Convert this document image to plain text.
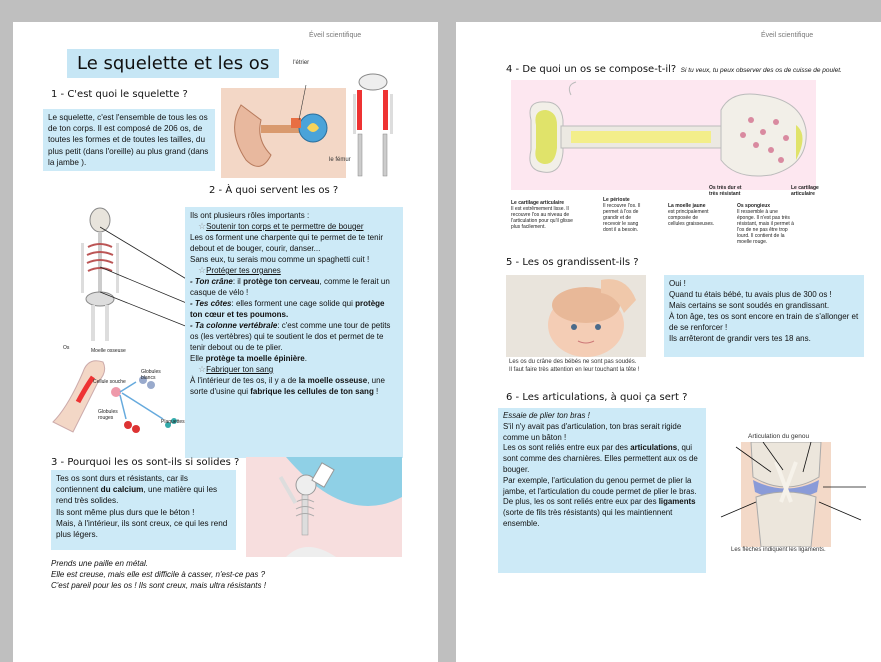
Éveil scientifique
Le squelette et les os
1 - C'est quoi le squelette ?
Le squelette, c'est l'ensemble de tous les os de ton corps. Il est composé de 206 os, de toutes les formes et de toutes les tailles, du plus petit (dans l'oreille) au plus grand (dans la jambe ).
l'étrier
le fémur
2 - À quoi servent les os ?
Os	Moelle osseuse
Cellule souche
Globules blancs
Globules rouges
Plaquettes

Ils ont plusieurs rôles importants :

☆Soutenir ton corps et te permettre de bouger

Les os forment une charpente qui te permet de te tenir debout et de bouger, courir, danser...

Sans eux, tu serais mou comme un spaghetti cuit !

☆Protéger tes organes

- Ton crâne: il protège ton cerveau, comme le ferait un casque de vélo !

- Tes côtes: elles forment une cage solide qui protège ton cœur et tes poumons.

- Ta colonne vertébrale: c'est comme une tour de petits os (les vertèbres) qui te soutient le dos et permet de te tenir debout ou de te plier.

Elle protège ta moelle épinière.

☆Fabriquer ton sang

À l'intérieur de tes os, il y a de la moelle osseuse, une sorte d'usine qui fabrique les cellules de ton sang !

3 - Pourquoi les os sont-ils si solides ?

Tes os sont durs et résistants, car ils contiennent du calcium, une matière qui les rend très solides.

Ils sont même plus durs que le béton !

Mais, à l'intérieur, ils sont creux, ce qui les rend plus légers.

Prends une paille en métal.
Elle est creuse, mais elle est difficile à casser, n'est-ce pas ?
C'est pareil pour les os ! Ils sont creux, mais ultra résistants !
Éveil scientifique
4 - De quoi un os se compose-t-il? Si tu veux, tu peux observer des os de cuisse de poulet.
Le cartilage articulaire
Il est extrêmement lisse. Il recouvre l'os au niveau de l'articulation pour qu'il glisse plus facilement.
Le périoste
Il recouvre l'os. Il permet à l'os de grandir et de recevoir le sang dont il a besoin.
La moelle jaune
est principalement composée de cellules graisseuses.
Os très dur et très résistant
Os spongieux
Il ressemble à une éponge. Il n'est pas très résistant, mais il permet à l'os de ne pas être trop lourd. Il contient de la moelle rouge.
Le cartilage articulaire
5 - Les os grandissent-ils ?
Les os du crâne des bébés ne sont pas soudés.
Il faut faire très attention en leur touchant la tête !

Oui !

Quand tu étais bébé, tu avais plus de 300 os !

Mais certains se sont soudés en grandissant.

À ton âge, tes os sont encore en train de s'allonger et de se renforcer !

Ils arrêteront de grandir vers tes 18 ans.

6 - Les articulations, à quoi ça sert ?

Essaie de plier ton bras !

S'il n'y avait pas d'articulation, ton bras serait rigide comme un bâton !

Les os sont reliés entre eux par des articulations, qui sont comme des charnières. Elles permettent aux os de bouger.

Par exemple, l'articulation du genou permet de plier la jambe, et l'articulation du coude permet de plier le bras.

De plus, les os sont reliés entre eux par des ligaments (sorte de fils très résistants) qui les maintiennent ensemble.

Articulation du genou
Les flèches indiquent les ligaments.
